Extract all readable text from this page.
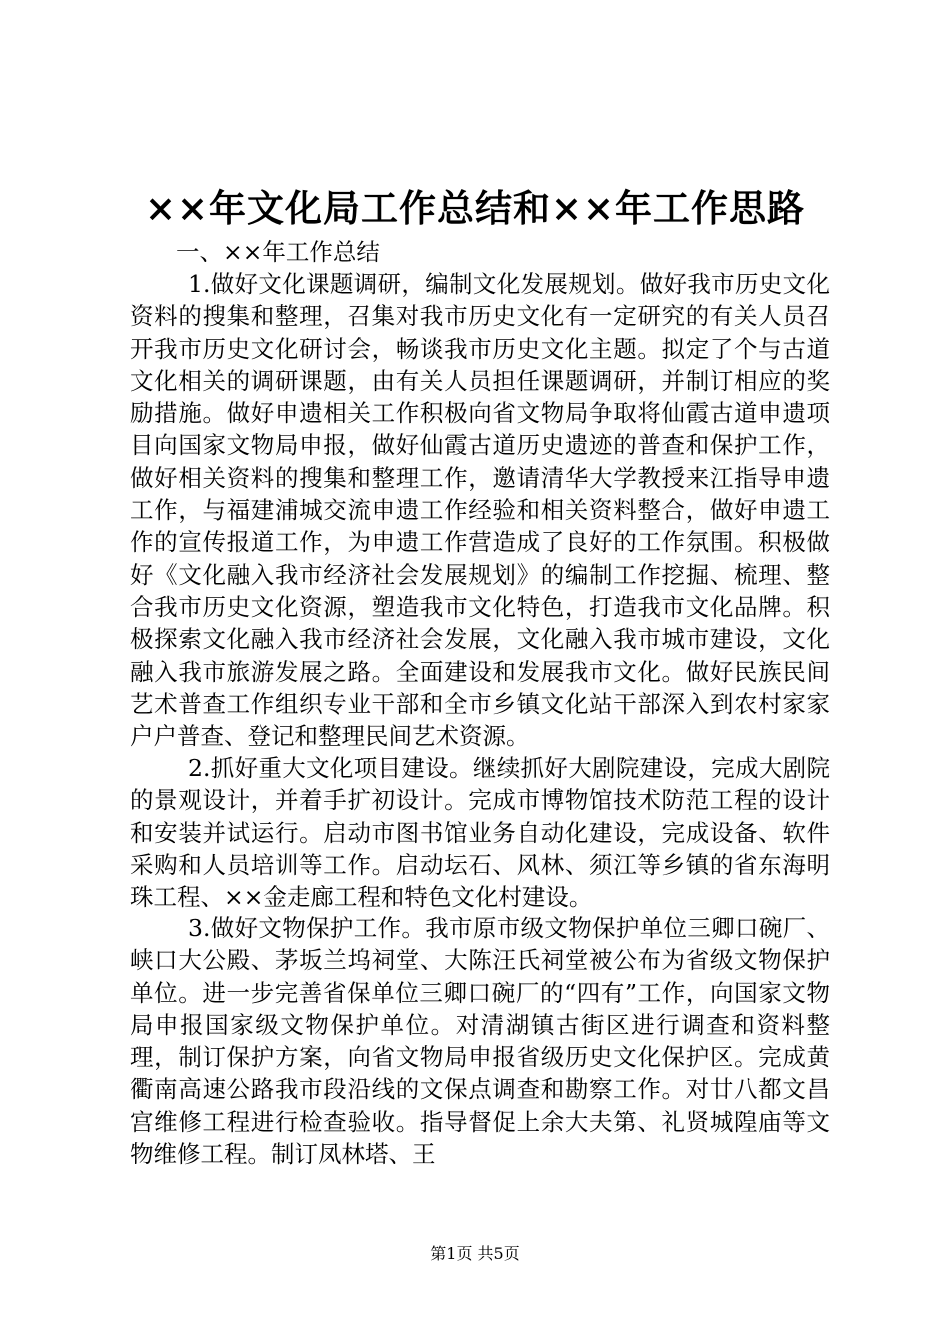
××年文化局工作总结和××年工作思路
一、××年工作总结
1.做好文化课题调研，编制文化发展规划。做好我市历史文化资料的搜集和整理，召集对我市历史文化有一定研究的有关人员召开我市历史文化研讨会，畅谈我市历史文化主题。拟定了个与古道文化相关的调研课题，由有关人员担任课题调研，并制订相应的奖励措施。做好申遗相关工作积极向省文物局争取将仙霞古道申遗项目向国家文物局申报，做好仙霞古道历史遗迹的普查和保护工作，做好相关资料的搜集和整理工作，邀请清华大学教授来江指导申遗工作，与福建浦城交流申遗工作经验和相关资料整合，做好申遗工作的宣传报道工作，为申遗工作营造成了良好的工作氛围。积极做好《文化融入我市经济社会发展规划》的编制工作挖掘、梳理、整合我市历史文化资源，塑造我市文化特色，打造我市文化品牌。积极探索文化融入我市经济社会发展，文化融入我市城市建设，文化融入我市旅游发展之路。全面建设和发展我市文化。做好民族民间艺术普查工作组织专业干部和全市乡镇文化站干部深入到农村家家户户普查、登记和整理民间艺术资源。
2.抓好重大文化项目建设。继续抓好大剧院建设，完成大剧院的景观设计，并着手扩初设计。完成市博物馆技术防范工程的设计和安装并试运行。启动市图书馆业务自动化建设，完成设备、软件采购和人员培训等工作。启动坛石、风林、须江等乡镇的省东海明珠工程、××金走廊工程和特色文化村建设。
3.做好文物保护工作。我市原市级文物保护单位三卿口碗厂、峡口大公殿、茅坂兰坞祠堂、大陈汪氏祠堂被公布为省级文物保护单位。进一步完善省保单位三卿口碗厂的“四有”工作，向国家文物局申报国家级文物保护单位。对清湖镇古街区进行调查和资料整理，制订保护方案，向省文物局申报省级历史文化保护区。完成黄衢南高速公路我市段沿线的文保点调查和勘察工作。对廿八都文昌宫维修工程进行检查验收。指导督促上余大夫第、礼贤城隍庙等文物维修工程。制订凤林塔、王
第1页 共5页
